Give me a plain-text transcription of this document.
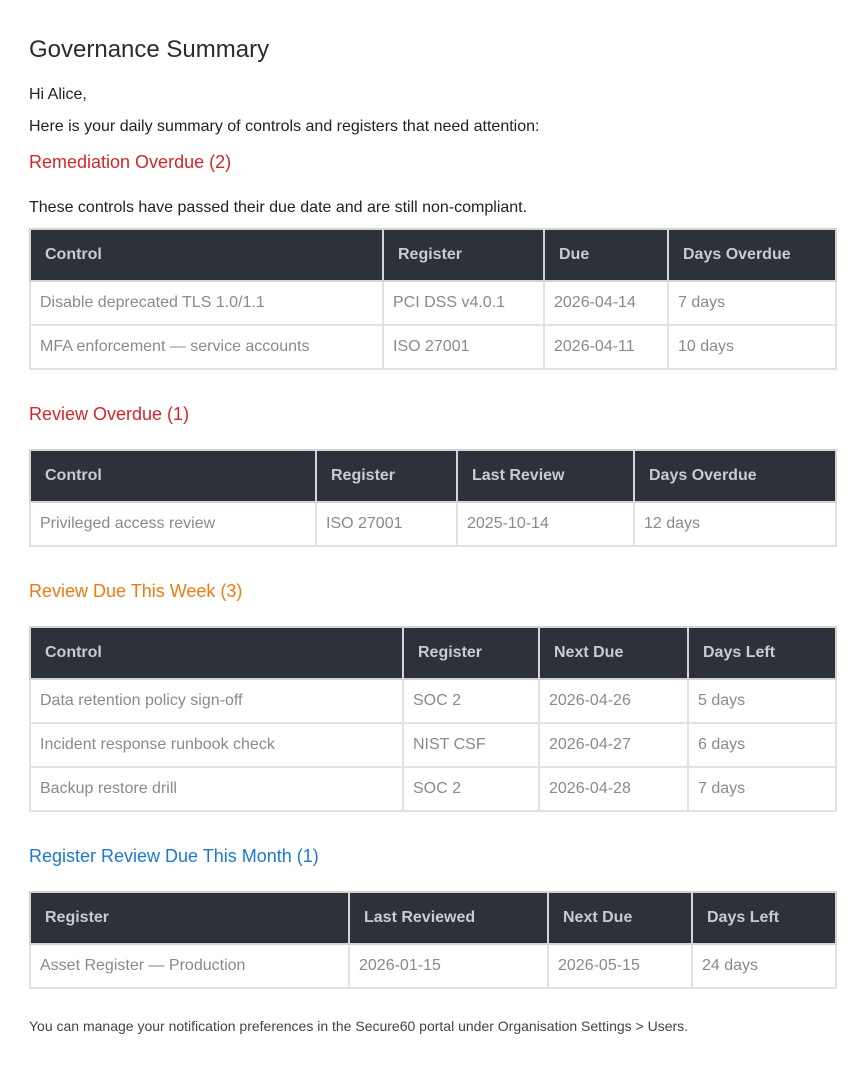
Governance Summary

Hi Alice,

Here is your daily summary of controls and registers that need attention:

Remediation Overdue (2)

These controls have passed their due date and are still non-compliant.

Control	Register	Due	Days Overdue
Disable deprecated TLS 1.0/1.1	PCI DSS v4.0.1	2026-04-14	7 days
MFA enforcement — service accounts	ISO 27001	2026-04-11	10 days
Review Overdue (1)
Control	Register	Last Review	Days Overdue
Privileged access review	ISO 27001	2025-10-14	12 days
Review Due This Week (3)
Control	Register	Next Due	Days Left
Data retention policy sign-off	SOC 2	2026-04-26	5 days
Incident response runbook check	NIST CSF	2026-04-27	6 days
Backup restore drill	SOC 2	2026-04-28	7 days
Register Review Due This Month (1)
Register	Last Reviewed	Next Due	Days Left
Asset Register — Production	2026-01-15	2026-05-15	24 days

You can manage your notification preferences in the Secure60 portal under Organisation Settings > Users.
